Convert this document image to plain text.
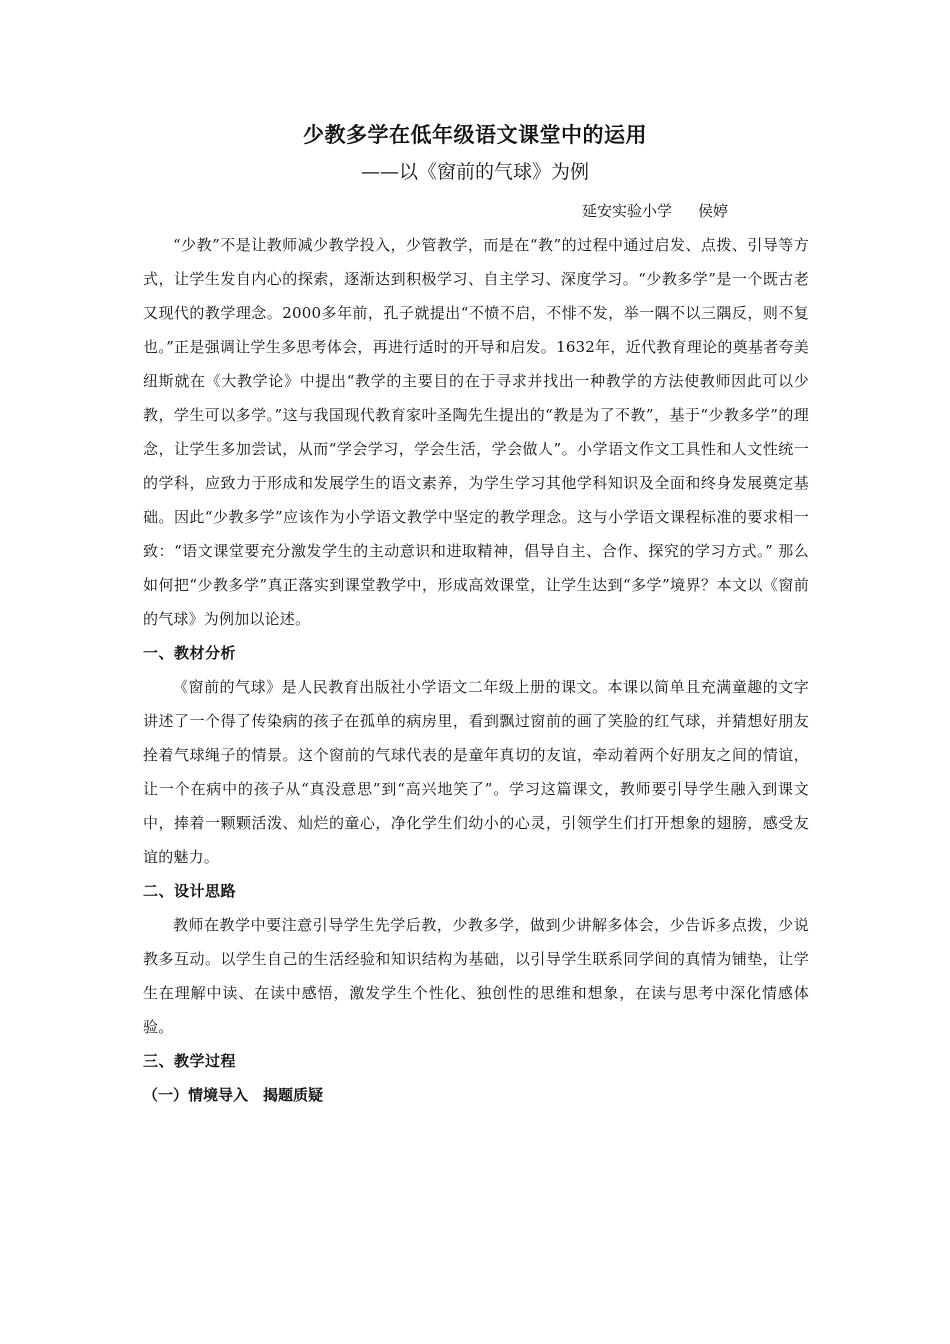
少教多学在低年级语文课堂中的运用
——以《窗前的气球》为例
延安实验小学 侯婷

“少教”不是让教师减少教学投入，少管教学，而是在“教”的过程中通过启发、点拨、引导等方式，让学生发自内心的探索，逐渐达到积极学习、自主学习、深度学习。“少教多学”是一个既古老又现代的教学理念。2000多年前，孔子就提出“不愤不启，不悱不发，举一隅不以三隅反，则不复也。”正是强调让学生多思考体会，再进行适时的开导和启发。1632年，近代教育理论的奠基者夸美纽斯就在《大教学论》中提出“教学的主要目的在于寻求并找出一种教学的方法使教师因此可以少教，学生可以多学。”这与我国现代教育家叶圣陶先生提出的“教是为了不教”，基于“少教多学”的理念，让学生多加尝试，从而“学会学习，学会生活，学会做人”。小学语文作文工具性和人文性统一的学科，应致力于形成和发展学生的语文素养，为学生学习其他学科知识及全面和终身发展奠定基础。因此“少教多学”应该作为小学语文教学中坚定的教学理念。这与小学语文课程标准的要求相一致：“语文课堂要充分激发学生的主动意识和进取精神，倡导自主、合作、探究的学习方式。” 那么如何把“少教多学”真正落实到课堂教学中，形成高效课堂，让学生达到“多学”境界？本文以《窗前的气球》为例加以论述。

一、教材分析

《窗前的气球》是人民教育出版社小学语文二年级上册的课文。本课以简单且充满童趣的文字讲述了一个得了传染病的孩子在孤单的病房里，看到飘过窗前的画了笑脸的红气球，并猜想好朋友拴着气球绳子的情景。这个窗前的气球代表的是童年真切的友谊，牵动着两个好朋友之间的情谊，让一个在病中的孩子从“真没意思”到“高兴地笑了”。学习这篇课文，教师要引导学生融入到课文中，捧着一颗颗活泼、灿烂的童心，净化学生们幼小的心灵，引领学生们打开想象的翅膀，感受友谊的魅力。

二、设计思路

教师在教学中要注意引导学生先学后教，少教多学，做到少讲解多体会，少告诉多点拨，少说教多互动。以学生自己的生活经验和知识结构为基础，以引导学生联系同学间的真情为铺垫，让学生在理解中读、在读中感悟，激发学生个性化、独创性的思维和想象，在读与思考中深化情感体验。

三、教学过程

（一）情境导入　揭题质疑
